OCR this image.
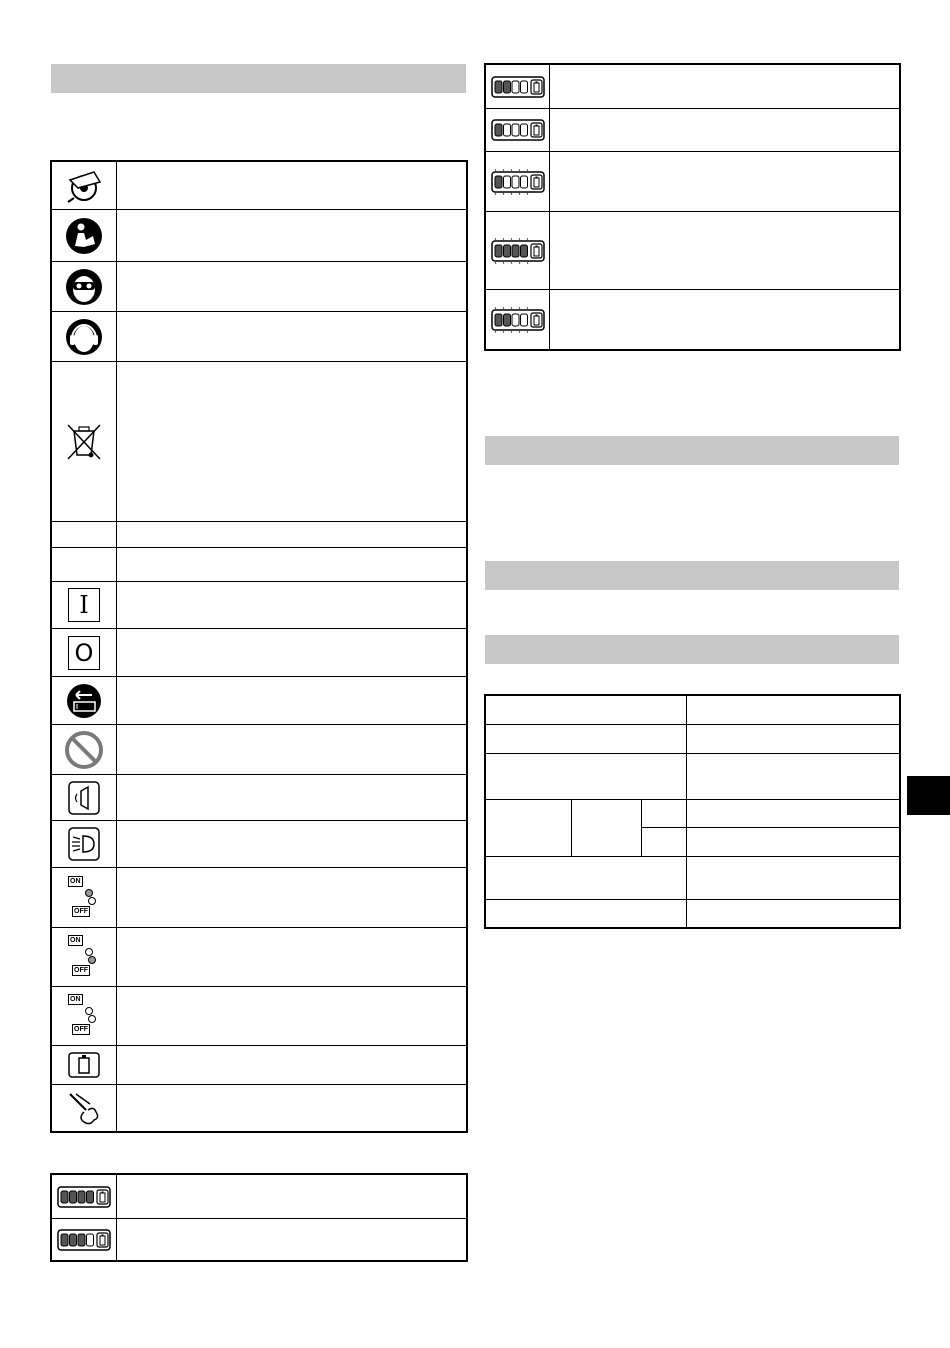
I	

O	

ON
OFF	

ON
OFF	

ON
OFF	
